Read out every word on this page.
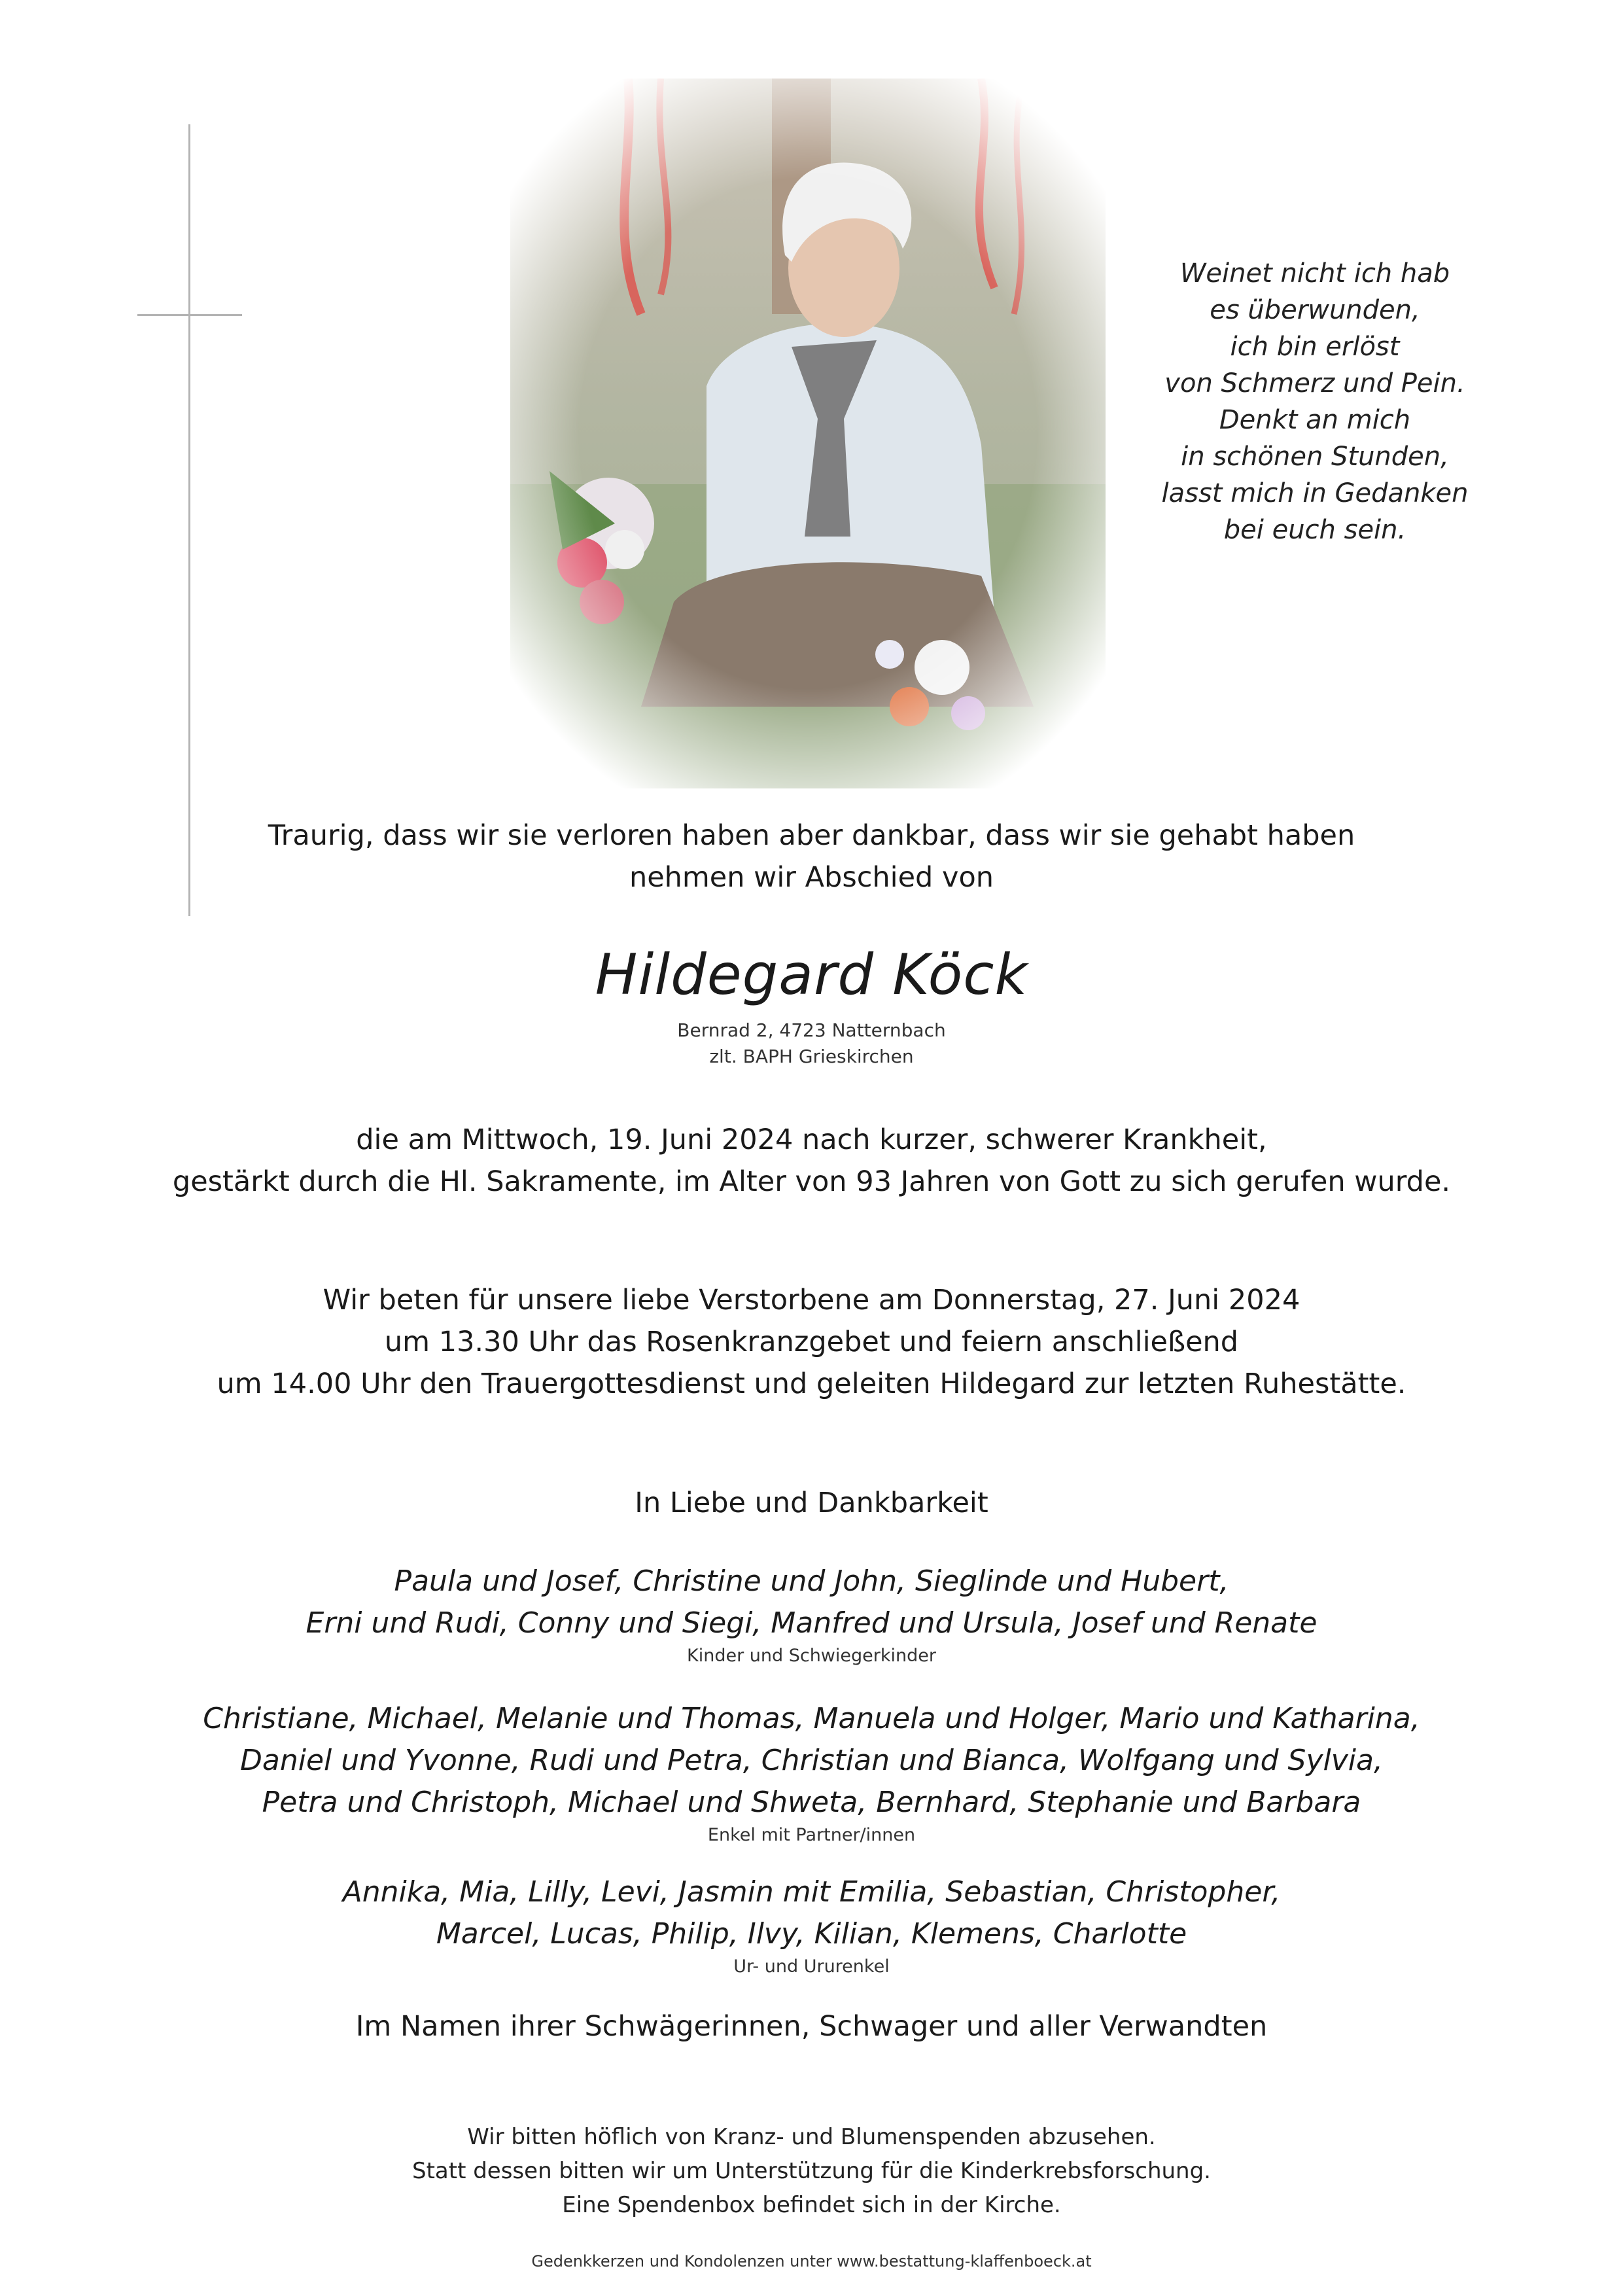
Weinet nicht ich hab
es überwunden,
ich bin erlöst
von Schmerz und Pein.
Denkt an mich
in schönen Stunden,
lasst mich in Gedanken
bei euch sein.
Traurig, dass wir sie verloren haben aber dankbar, dass wir sie gehabt haben
nehmen wir Abschied von
Hildegard Köck
Bernrad 2, 4723 Natternbach
zlt. BAPH Grieskirchen
die am Mittwoch, 19. Juni 2024 nach kurzer, schwerer Krankheit,
gestärkt durch die Hl. Sakramente, im Alter von 93 Jahren von Gott zu sich gerufen wurde.
Wir beten für unsere liebe Verstorbene am Donnerstag, 27. Juni 2024
um 13.30 Uhr das Rosenkranzgebet und feiern anschließend
um 14.00 Uhr den Trauergottesdienst und geleiten Hildegard zur letzten Ruhestätte.
In Liebe und Dankbarkeit
Paula und Josef, Christine und John, Sieglinde und Hubert,
Erni und Rudi, Conny und Siegi, Manfred und Ursula, Josef und Renate
Kinder und Schwiegerkinder
Christiane, Michael, Melanie und Thomas, Manuela und Holger, Mario und Katharina,
Daniel und Yvonne, Rudi und Petra, Christian und Bianca, Wolfgang und Sylvia,
Petra und Christoph, Michael und Shweta, Bernhard, Stephanie und Barbara
Enkel mit Partner/innen
Annika, Mia, Lilly, Levi, Jasmin mit Emilia, Sebastian, Christopher,
Marcel, Lucas, Philip, Ilvy, Kilian, Klemens, Charlotte
Ur- und Ururenkel
Im Namen ihrer Schwägerinnen, Schwager und aller Verwandten
Wir bitten höflich von Kranz- und Blumenspenden abzusehen.
Statt dessen bitten wir um Unterstützung für die Kinderkrebsforschung.
Eine Spendenbox befindet sich in der Kirche.
Gedenkkerzen und Kondolenzen unter www.bestattung-klaffenboeck.at
